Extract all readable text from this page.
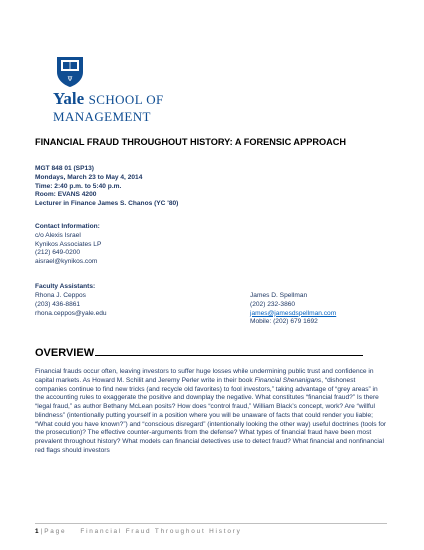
Ψ
Yale SCHOOL OF
MANAGEMENT
FINANCIAL FRAUD THROUGHOUT HISTORY: A FORENSIC APPROACH
MGT 848 01 (SP13)
Mondays, March 23 to May 4, 2014
Time: 2:40 p.m. to 5:40 p.m.
Room: EVANS 4200
Lecturer in Finance James S. Chanos (YC '80)
Contact Information:
c/o Alexis Israel
Kynikos Associates LP
(212) 649-0200
aisrael@kynikos.com
Faculty Assistants:
Rhona J. Ceppos
(203) 436-8861
rhona.ceppos@yale.edu
James D. Spellman
(202) 232-3860
james@jamesdspellman.com
Mobile: (202) 679 1692
OVERVIEW

Financial frauds occur often, leaving investors to suffer huge losses while undermining public trust and confidence in capital markets. As Howard M. Schilit and Jeremy Perler write in their book Financial Shenanigans, “dishonest companies continue to find new tricks (and recycle old favorites) to fool investors,” taking advantage of “grey areas” in the accounting rules to exaggerate the positive and downplay the negative. What constitutes “financial fraud?” Is there “legal fraud,” as author Bethany McLean posits? How does “control fraud,” William Black’s concept, work? Are “willful blindness” (intentionally putting yourself in a position where you will be unaware of facts that could render you liable; “What could you have known?”) and “conscious disregard” (intentionally looking the other way) useful doctrines (tools for the prosecution)? The effective counter-arguments from the defense? What types of financial fraud have been most prevalent throughout history? What models can financial detectives use to detect fraud? What financial and nonfinancial red flags should investors

1 | Page Financial Fraud Throughout History
